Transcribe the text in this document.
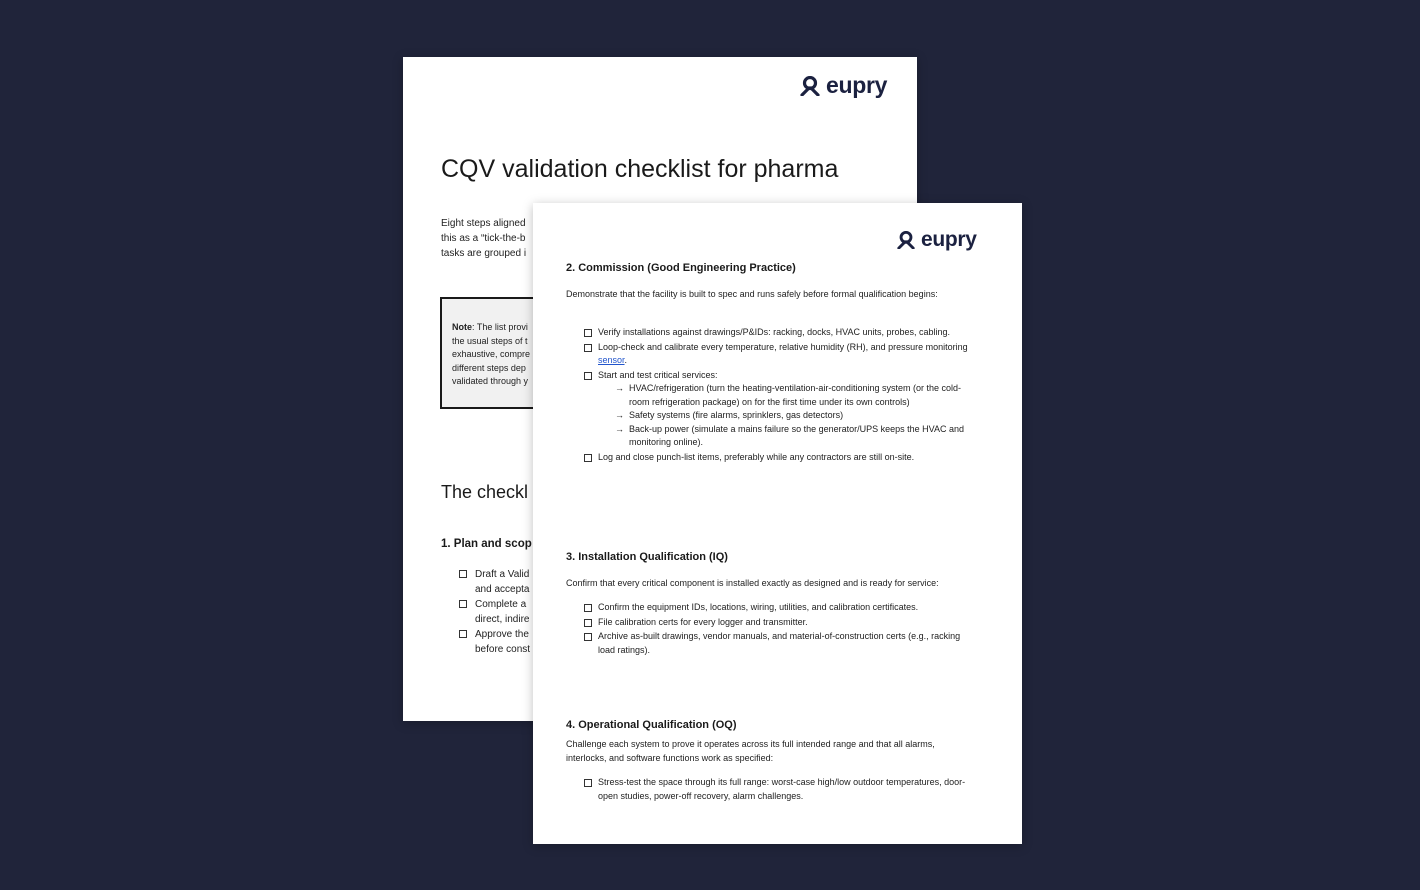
eupry
CQV validation checklist for pharma
Eight steps aligned
this as a “tick-the-b
tasks are grouped i
Note: The list provi
the usual steps of t
exhaustive, compre
different steps dep
validated through y
The checkl
1. Plan and scop
Draft a Valid
and accepta
Complete a
direct, indire
Approve the
before const
eupry
2. Commission (Good Engineering Practice)

Demonstrate that the facility is built to spec and runs safely before formal qualification begins:

Verify installations against drawings/P&IDs: racking, docks, HVAC units, probes, cabling.
Loop-check and calibrate every temperature, relative humidity (RH), and pressure monitoring sensor.
Start and test critical services:
→ HVAC/refrigeration (turn the heating-ventilation-air-conditioning system (or the cold-room refrigeration package) on for the first time under its own controls)
→ Safety systems (fire alarms, sprinklers, gas detectors)
→ Back-up power (simulate a mains failure so the generator/UPS keeps the HVAC and monitoring online).
Log and close punch-list items, preferably while any contractors are still on-site.
3. Installation Qualification (IQ)

Confirm that every critical component is installed exactly as designed and is ready for service:

Confirm the equipment IDs, locations, wiring, utilities, and calibration certificates.
File calibration certs for every logger and transmitter.
Archive as-built drawings, vendor manuals, and material-of-construction certs (e.g., racking load ratings).
4. Operational Qualification (OQ)

Challenge each system to prove it operates across its full intended range and that all alarms, interlocks, and software functions work as specified:

Stress-test the space through its full range: worst-case high/low outdoor temperatures, door-open studies, power-off recovery, alarm challenges.
